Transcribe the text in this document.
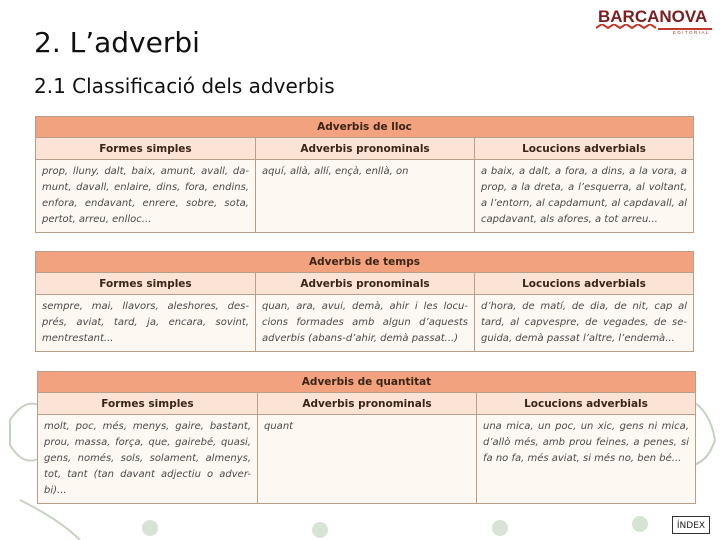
BARCANOVA
EDITORIAL
2. L’adverbi
2.1 Classificació dels adverbis
Adverbis de lloc		
Formes simples	Adverbis pronominals	Locucions adverbials
prop, lluny, dalt, baix, amunt, avall, da-munt, davall, enlaire, dins, fora, endins, enfora, endavant, enrere, sobre, sota, pertot, arreu, enlloc...	aquí, allà, allí, ençà, enllà, on	a baix, a dalt, a fora, a dins, a la vora, a prop, a la dreta, a l’esquerra, al voltant, a l’entorn, al capdamunt, al capdavall, al capdavant, als afores, a tot arreu...
Adverbis de temps		
Formes simples	Adverbis pronominals	Locucions adverbials
sempre, mai, llavors, aleshores, des-prés, aviat, tard, ja, encara, sovint, mentrestant...	quan, ara, avui, demà, ahir i les locu-cions formades amb algun d’aquests adverbis (abans-d’ahir, demà passat...)	d’hora, de matí, de dia, de nit, cap al tard, al capvespre, de vegades, de se-guida, demà passat l’altre, l’endemà...
Adverbis de quantitat		
Formes simples	Adverbis pronominals	Locucions adverbials
molt, poc, més, menys, gaire, bastant, prou, massa, força, que, gairebé, quasi, gens, només, sols, solament, almenys, tot, tant (tan davant adjectiu o adver-bi)...	quant	una mica, un poc, un xic, gens ni mica, d’allò més, amb prou feines, a penes, si fa no fa, més aviat, si més no, ben bé...
ÍNDEX
